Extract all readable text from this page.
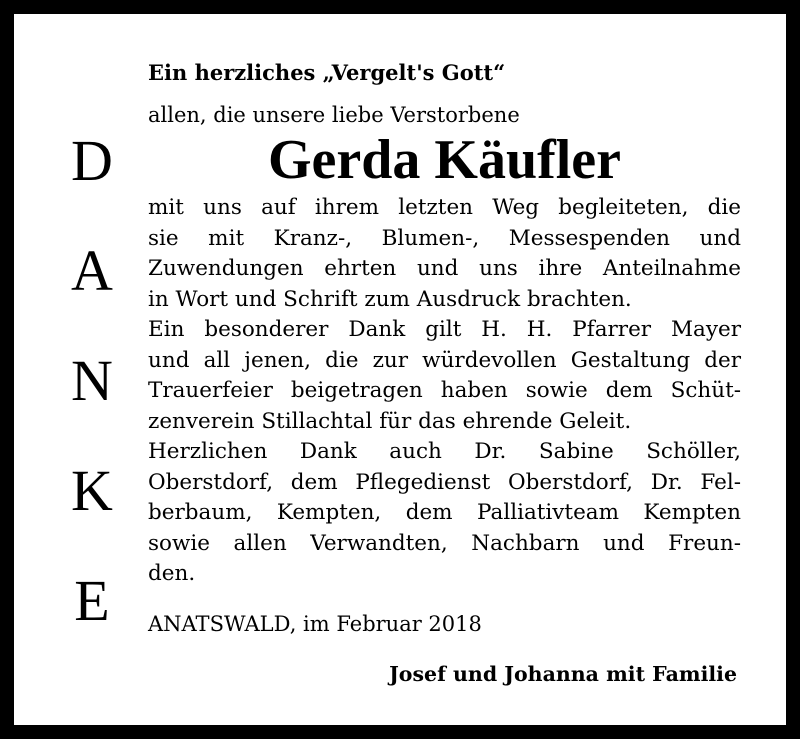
D
A
N
K
E

Ein herzliches „Vergelt's Gott“

allen, die unsere liebe Verstorbene

Gerda Käufler

mit uns auf ihrem letzten Weg begleiteten, die

sie mit Kranz-, Blumen-, Messespenden und

Zuwendungen ehrten und uns ihre Anteilnahme

in Wort und Schrift zum Ausdruck brachten.

Ein besonderer Dank gilt H. H. Pfarrer Mayer

und all jenen, die zur würdevollen Gestaltung der

Trauerfeier beigetragen haben sowie dem Schüt-

zenverein Stillachtal für das ehrende Geleit.

Herzlichen Dank auch Dr. Sabine Schöller,

Oberstdorf, dem Pflegedienst Oberstdorf, Dr. Fel-

berbaum, Kempten, dem Palliativteam Kempten

sowie allen Verwandten, Nachbarn und Freun-

den.

ANATSWALD, im Februar 2018

Josef und Johanna mit Familie
